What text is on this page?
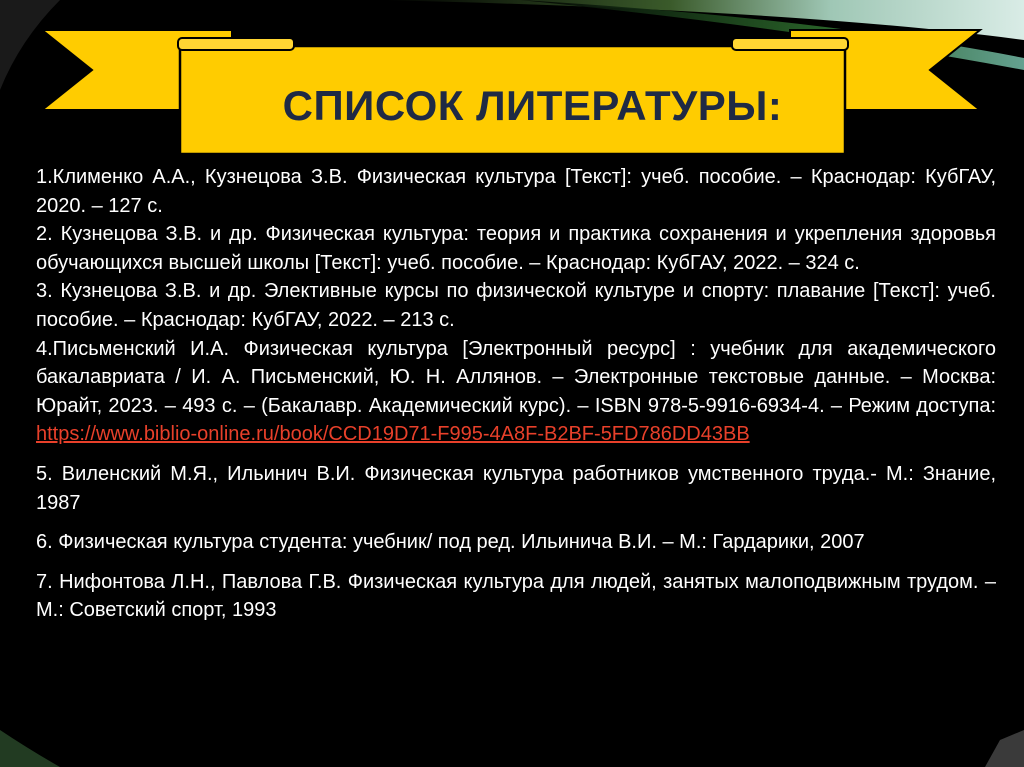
СПИСОК ЛИТЕРАТУРЫ:

1.Клименко А.А., Кузнецова З.В. Физическая культура [Текст]: учеб. пособие. – Краснодар: КубГАУ, 2020. – 127 с.

2. Кузнецова З.В. и др. Физическая культура: теория и практика сохранения и укрепления здоровья обучающихся высшей школы [Текст]: учеб. пособие. – Краснодар: КубГАУ, 2022. – 324 с.

3. Кузнецова З.В. и др. Элективные курсы по физической культуре и спорту: плавание [Текст]: учеб. пособие. – Краснодар: КубГАУ, 2022. – 213 с.

4.Письменский И.А. Физическая культура [Электронный ресурс] : учебник для академического бакалавриата / И. А. Письменский, Ю. Н. Аллянов. – Электронные текстовые данные. – Москва: Юрайт, 2023. – 493 с. – (Бакалавр. Академический курс). – ISBN 978-5-9916-6934-4. – Режим доступа: https://www.biblio-online.ru/book/CCD19D71-F995-4A8F-B2BF-5FD786DD43BB

5. Виленский М.Я., Ильинич В.И. Физическая культура работников умственного труда.- М.: Знание, 1987

6. Физическая культура студента: учебник/ под ред. Ильинича В.И. – М.: Гардарики, 2007

7. Нифонтова Л.Н., Павлова Г.В. Физическая культура для людей, занятых малоподвижным трудом. –М.: Советский спорт, 1993
